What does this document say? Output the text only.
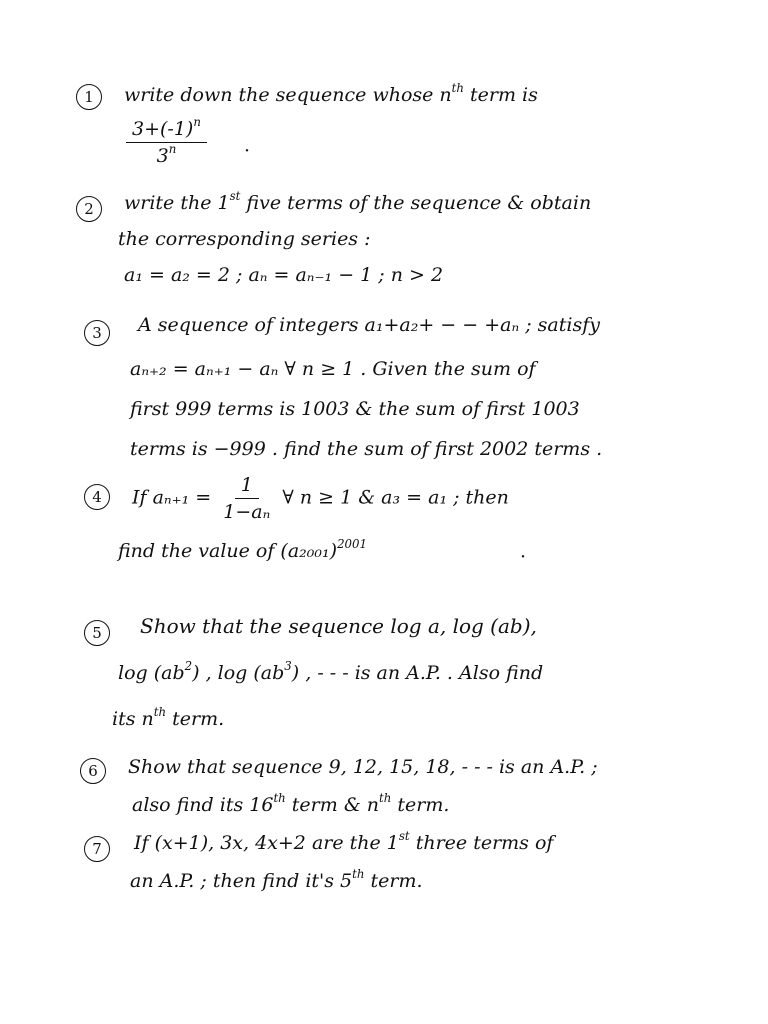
1	write down the sequence whose $n^{th}$ term is
$\frac{3+(-1)^n}{3^n}$ ·
2	write the 1st five terms of the sequence & obtain
the corresponding series :
a₁ = a₂ = 2 ; aₙ = aₙ₋₁ − 1 ; n > 2
3	A sequence of integers a₁+a₂+ − − +aₙ ; satisfy
aₙ₊₂ = aₙ₊₁ − aₙ ∀ n ≥ 1 . Given the sum of
first 999 terms is 1003 & the sum of first 1003
terms is −999 . find the sum of first 2002 terms .
4	If $a_{n+1} = \frac{1}{\text{1−aₙ}}$ ∀ n ≥ 1 & a₃ = a₁ ; then
find the value of $(a_{2001})^{2001}$
·
5	Show that the sequence log a, log (ab),
$\log (ab^2)$ , $\log (ab^3)$ , - - - is an A.P. . Also find
its $n^{th}$ term.
6	Show that sequence 9, 12, 15, 18, - - - is an A.P. ;
also find its 16th term & $n^{th}$ term.
7	If (x+1), 3x, 4x+2 are the 1st three terms of
an A.P. ; then find it's 5th term.
